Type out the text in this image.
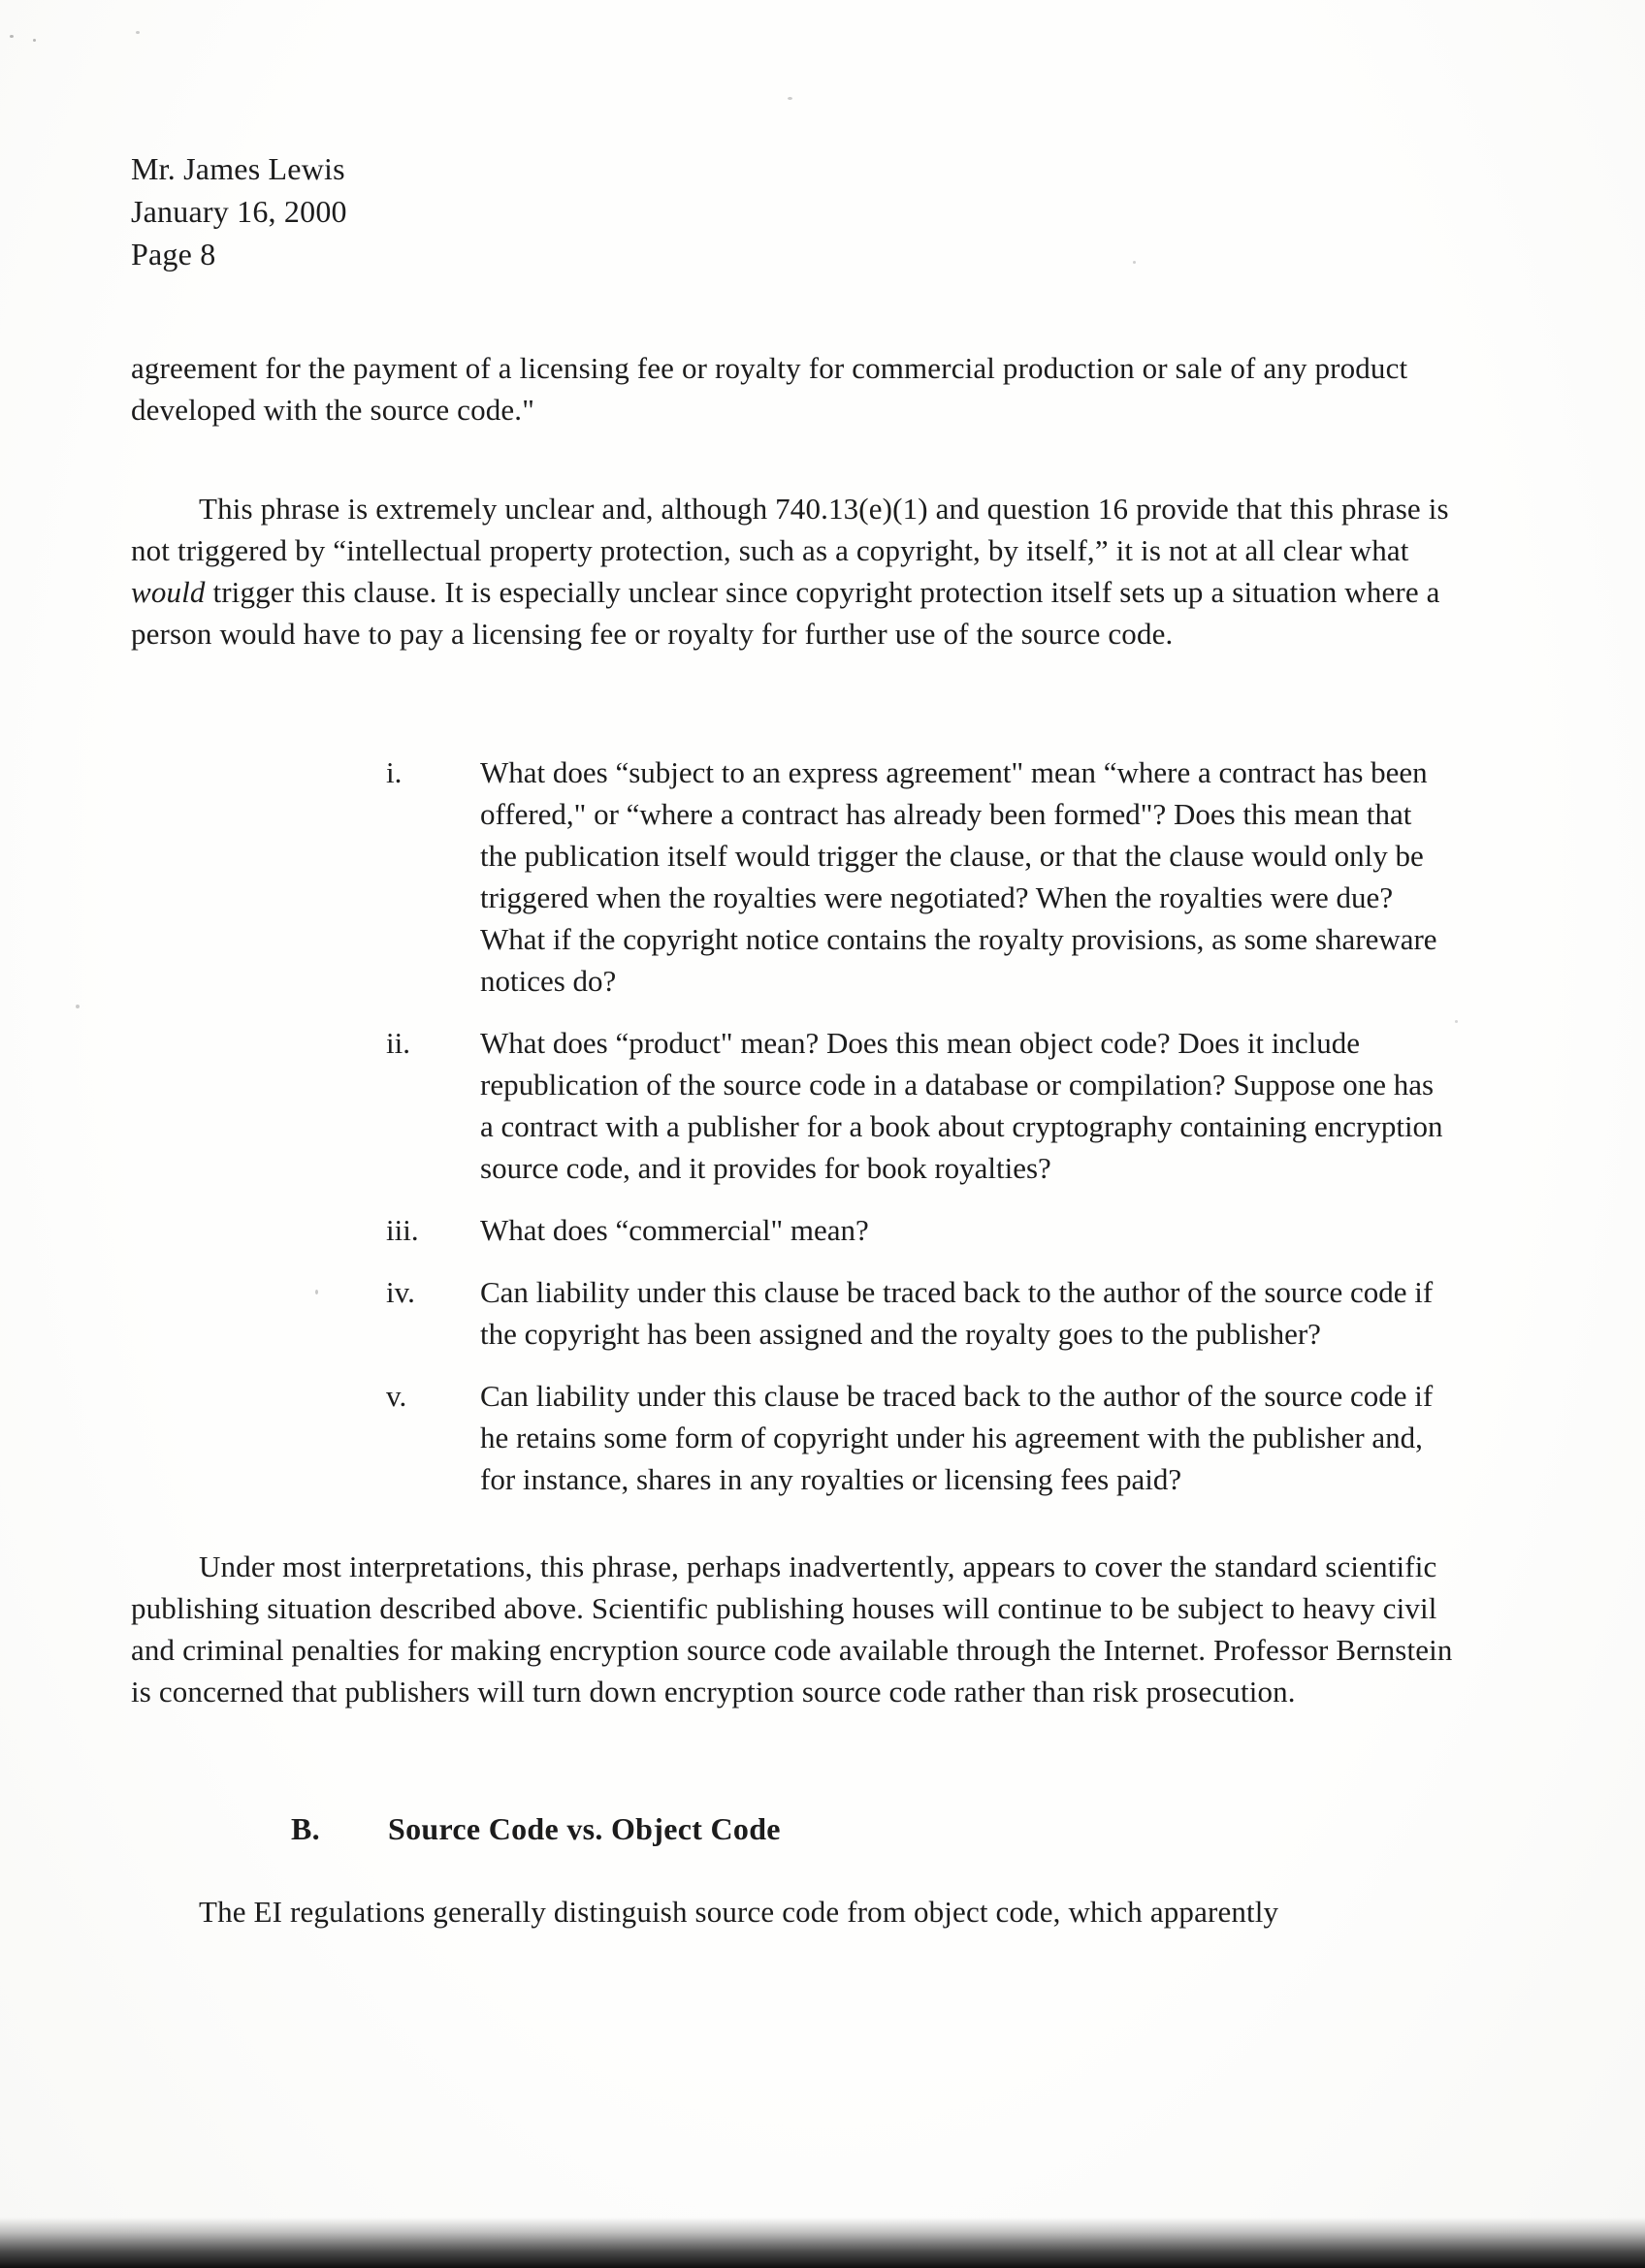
Mr. James Lewis
January 16, 2000
Page 8
agreement for the payment of a licensing fee or royalty for commercial production or sale of any product developed with the source code."
This phrase is extremely unclear and, although 740.13(e)(1) and question 16 provide that this phrase is not triggered by “intellectual property protection, such as a copyright, by itself,” it is not at all clear what would trigger this clause. It is especially unclear since copyright protection itself sets up a situation where a person would have to pay a licensing fee or royalty for further use of the source code.
i.	What does “subject to an express agreement" mean “where a contract has been offered," or “where a contract has already been formed"? Does this mean that the publication itself would trigger the clause, or that the clause would only be triggered when the royalties were negotiated? When the royalties were due? What if the copyright notice contains the royalty provisions, as some shareware notices do?
ii.	What does “product" mean? Does this mean object code? Does it include republication of the source code in a database or compilation? Suppose one has a contract with a publisher for a book about cryptography containing encryption source code, and it provides for book royalties?
iii.	What does “commercial" mean?
iv.	Can liability under this clause be traced back to the author of the source code if the copyright has been assigned and the royalty goes to the publisher?
v.	Can liability under this clause be traced back to the author of the source code if he retains some form of copyright under his agreement with the publisher and, for instance, shares in any royalties or licensing fees paid?
Under most interpretations, this phrase, perhaps inadvertently, appears to cover the standard scientific publishing situation described above. Scientific publishing houses will continue to be subject to heavy civil and criminal penalties for making encryption source code available through the Internet. Professor Bernstein is concerned that publishers will turn down encryption source code rather than risk prosecution.
B.	Source Code vs. Object Code
The EI regulations generally distinguish source code from object code, which apparently
